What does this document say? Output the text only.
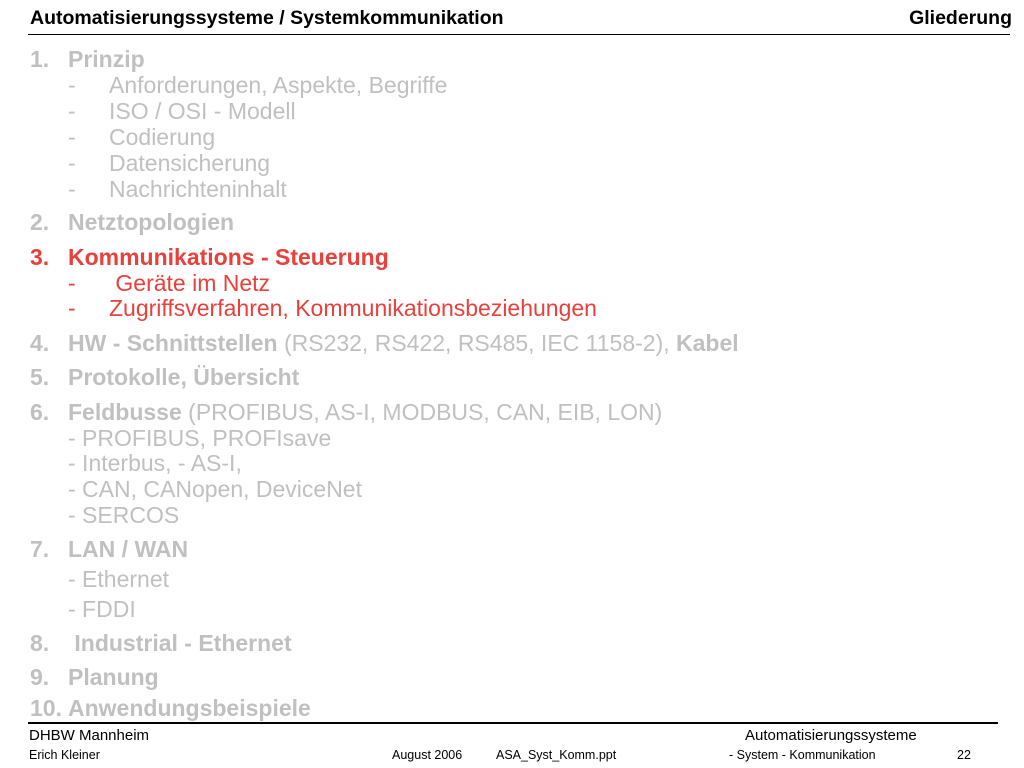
Automatisierungssysteme / Systemkommunikation	Gliederung
1. Prinzip
- Anforderungen, Aspekte, Begriffe
- ISO / OSI - Modell
- Codierung
- Datensicherung
- Nachrichteninhalt
2. Netztopologien
3. Kommunikations - Steuerung
- Geräte im Netz
- Zugriffsverfahren, Kommunikationsbeziehungen
4. HW - Schnittstellen (RS232, RS422, RS485, IEC 1158-2), Kabel
5. Protokolle, Übersicht
6. Feldbusse (PROFIBUS, AS-I, MODBUS, CAN, EIB, LON)
- PROFIBUS, PROFIsave
- Interbus, - AS-I,
- CAN, CANopen, DeviceNet
- SERCOS
7. LAN / WAN
- Ethernet
- FDDI
8. Industrial - Ethernet
9. Planung
10. Anwendungsbeispiele
DHBW Mannheim
Erich Kleiner	August 2006	ASA_Syst_Komm.ppt
Automatisierungssysteme
- System - Kommunikation	22
